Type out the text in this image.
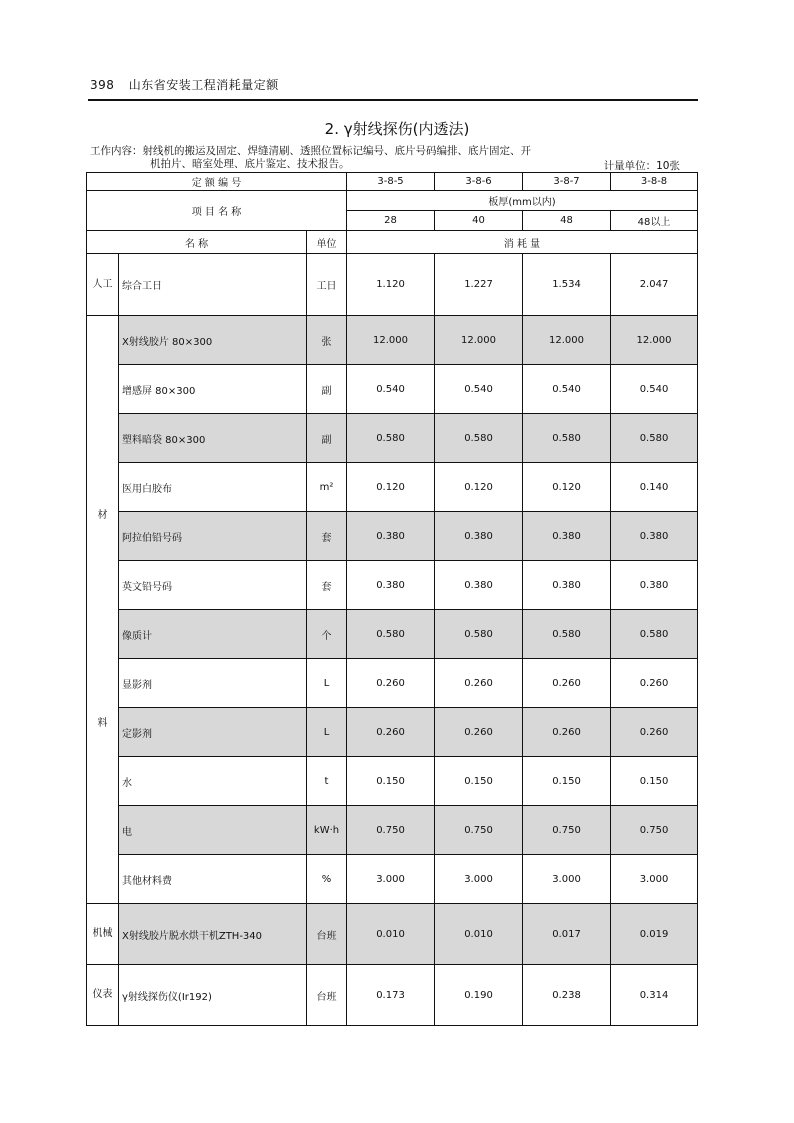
398 山东省安装工程消耗量定额
2. γ射线探伤(内透法)
工作内容：射线机的搬运及固定、焊缝清刷、透照位置标记编号、底片号码编排、底片固定、开
机拍片、暗室处理、底片鉴定、技术报告。	计量单位：10张
定 额 编 号			3-8-5	3-8-6	3-8-7	3-8-8
项 目 名 称			板厚(mm以内)			
			28	40	48	48以上
名 称		单位	消 耗 量			
人工	综合工日	工日	1.120	1.227	1.534	2.047

材
料	X射线胶片 80×300	张	12.000	12.000	12.000	12.000
	增感屏 80×300	副	0.540	0.540	0.540	0.540
	塑料暗袋 80×300	副	0.580	0.580	0.580	0.580
	医用白胶布	m²	0.120	0.120	0.120	0.140
	阿拉伯铅号码	套	0.380	0.380	0.380	0.380
	英文铅号码	套	0.380	0.380	0.380	0.380
	像质计	个	0.580	0.580	0.580	0.580
	显影剂	L	0.260	0.260	0.260	0.260
	定影剂	L	0.260	0.260	0.260	0.260
	水	t	0.150	0.150	0.150	0.150
	电	kW·h	0.750	0.750	0.750	0.750
	其他材料费	%	3.000	3.000	3.000	3.000
机械	X射线胶片脱水烘干机ZTH-340	台班	0.010	0.010	0.017	0.019
仪表	γ射线探伤仪(Ir192)	台班	0.173	0.190	0.238	0.314
